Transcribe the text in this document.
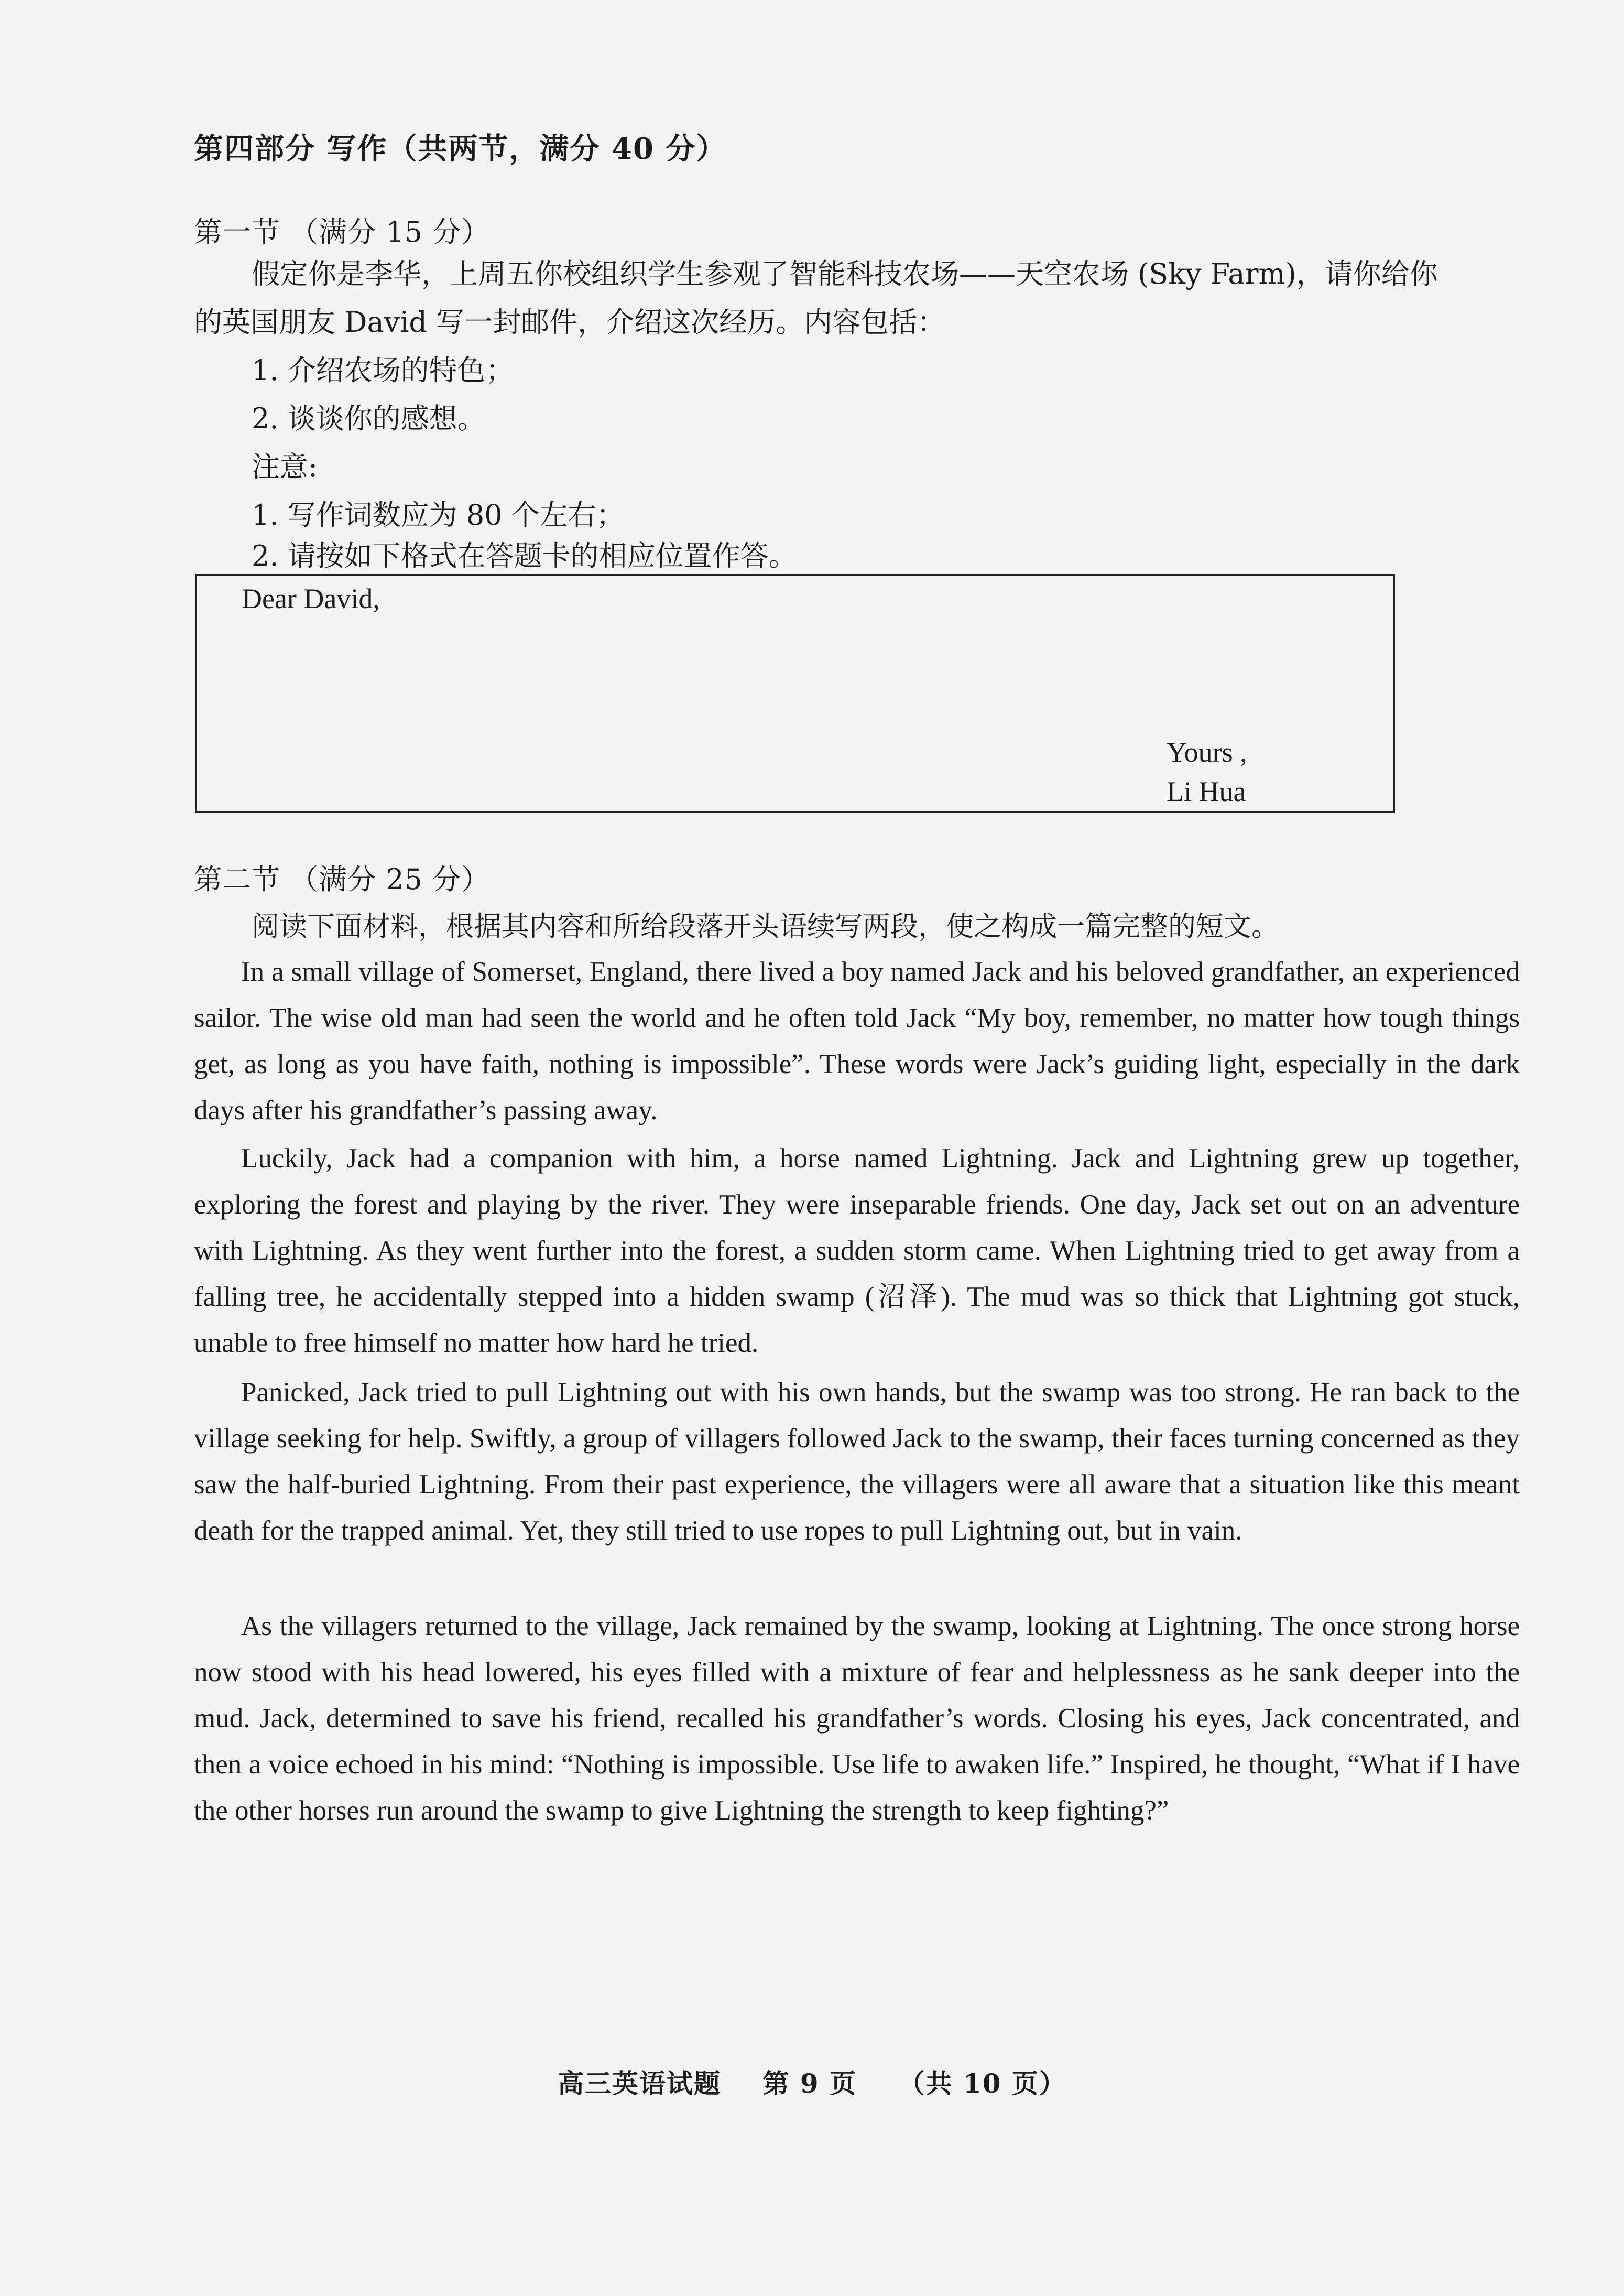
第四部分 写作（共两节，满分 40 分）
第一节 （满分 15 分）
假定你是李华，上周五你校组织学生参观了智能科技农场——天空农场 (Sky Farm)，请你给你
的英国朋友 David 写一封邮件，介绍这次经历。内容包括：
1. 介绍农场的特色；
2. 谈谈你的感想。
注意:
1. 写作词数应为 80 个左右；
2. 请按如下格式在答题卡的相应位置作答。
Dear David,
Yours ,
Li Hua
第二节 （满分 25 分）
阅读下面材料，根据其内容和所给段落开头语续写两段，使之构成一篇完整的短文。
In a small village of Somerset, England, there lived a boy named Jack and his beloved grandfather, an experienced sailor. The wise old man had seen the world and he often told Jack “My boy, remember, no matter how tough things get, as long as you have faith, nothing is impossible”. These words were Jack’s guiding light, especially in the dark days after his grandfather’s passing away.
Luckily, Jack had a companion with him, a horse named Lightning. Jack and Lightning grew up together, exploring the forest and playing by the river. They were inseparable friends. One day, Jack set out on an adventure with Lightning. As they went further into the forest, a sudden storm came. When Lightning tried to get away from a falling tree, he accidentally stepped into a hidden swamp (沼泽). The mud was so thick that Lightning got stuck, unable to free himself no matter how hard he tried.
Panicked, Jack tried to pull Lightning out with his own hands, but the swamp was too strong. He ran back to the village seeking for help. Swiftly, a group of villagers followed Jack to the swamp, their faces turning concerned as they saw the half-buried Lightning. From their past experience, the villagers were all aware that a situation like this meant death for the trapped animal. Yet, they still tried to use ropes to pull Lightning out, but in vain.
As the villagers returned to the village, Jack remained by the swamp, looking at Lightning. The once strong horse now stood with his head lowered, his eyes filled with a mixture of fear and helplessness as he sank deeper into the mud. Jack, determined to save his friend, recalled his grandfather’s words. Closing his eyes, Jack concentrated, and then a voice echoed in his mind: “Nothing is impossible. Use life to awaken life.” Inspired, he thought, “What if I have the other horses run around the swamp to give Lightning the strength to keep fighting?”
高三英语试题 第 9 页 （共 10 页）
